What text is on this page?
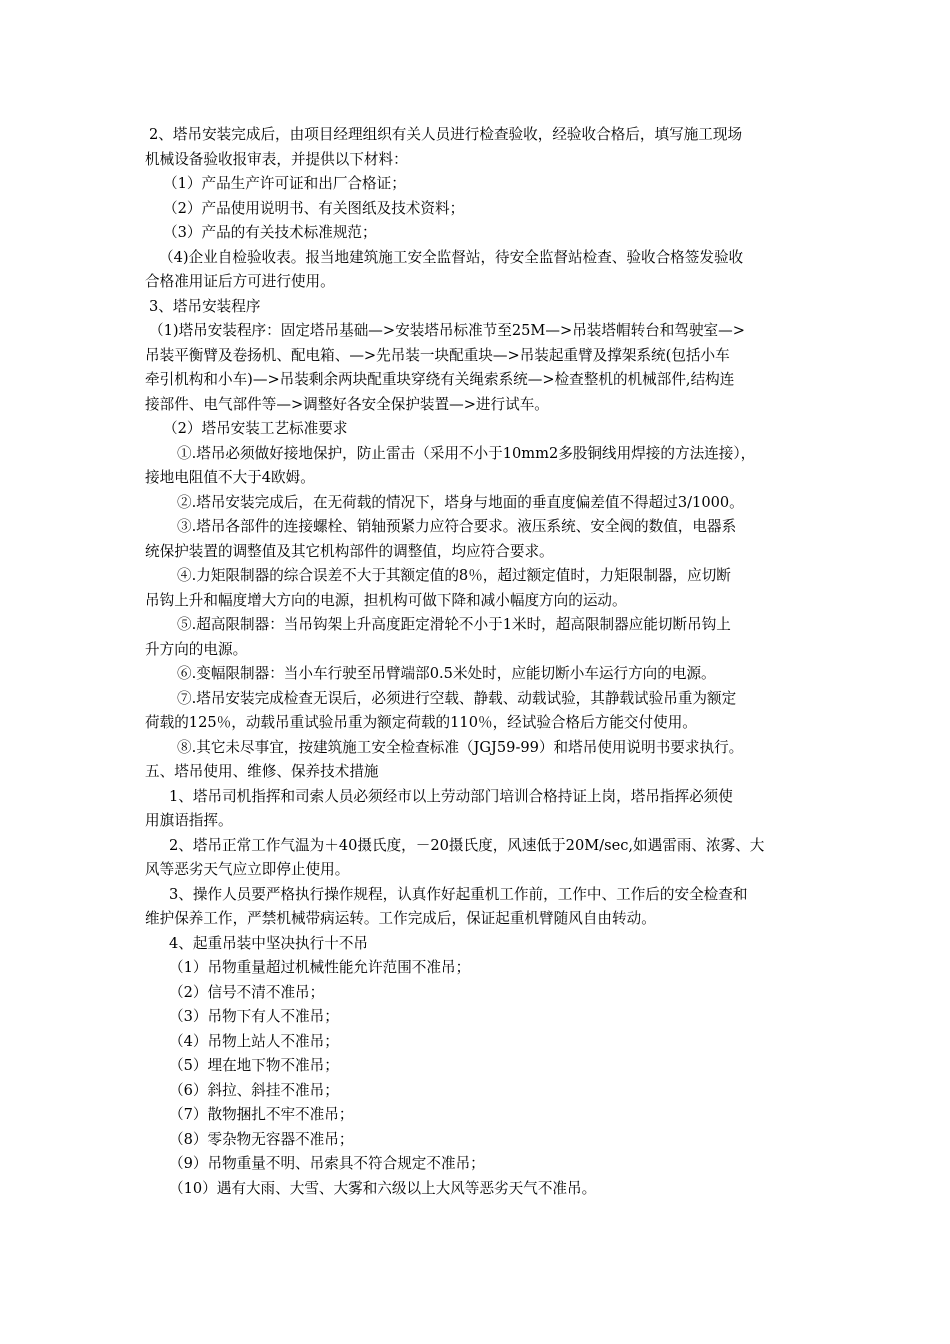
2、塔吊安装完成后，由项目经理组织有关人员进行检查验收，经验收合格后，填写施工现场
机械设备验收报审表，并提供以下材料：
（1）产品生产许可证和出厂合格证；
（2）产品使用说明书、有关图纸及技术资料；
（3）产品的有关技术标准规范；
（4)企业自检验收表。报当地建筑施工安全监督站，待安全监督站检查、验收合格签发验收
合格准用证后方可进行使用。
3、塔吊安装程序
（1)塔吊安装程序：固定塔吊基础—>安装塔吊标准节至25M—>吊装塔帽转台和驾驶室—>
吊装平衡臂及卷扬机、配电箱、—>先吊装一块配重块—>吊装起重臂及撑架系统(包括小车
牵引机构和小车)—>吊装剩余两块配重块穿绕有关绳索系统—>检查整机的机械部件,结构连
接部件、电气部件等—>调整好各安全保护装置—>进行试车。
（2）塔吊安装工艺标准要求
①.塔吊必须做好接地保护，防止雷击（采用不小于10mm2多股铜线用焊接的方法连接），
接地电阻值不大于4欧姆。
②.塔吊安装完成后，在无荷载的情况下，塔身与地面的垂直度偏差值不得超过3/1000。
③.塔吊各部件的连接螺栓、销轴预紧力应符合要求。液压系统、安全阀的数值，电器系
统保护装置的调整值及其它机构部件的调整值，均应符合要求。
④.力矩限制器的综合误差不大于其额定值的8％，超过额定值时，力矩限制器，应切断
吊钩上升和幅度增大方向的电源，担机构可做下降和减小幅度方向的运动。
⑤.超高限制器：当吊钩架上升高度距定滑轮不小于1米时，超高限制器应能切断吊钩上
升方向的电源。
⑥.变幅限制器：当小车行驶至吊臂端部0.5米处时，应能切断小车运行方向的电源。
⑦.塔吊安装完成检查无误后，必须进行空载、静载、动载试验，其静载试验吊重为额定
荷载的125％，动载吊重试验吊重为额定荷载的110％，经试验合格后方能交付使用。
⑧.其它未尽事宜，按建筑施工安全检查标准（JGJ59-99）和塔吊使用说明书要求执行。
五、塔吊使用、维修、保养技术措施
1、塔吊司机指挥和司索人员必须经市以上劳动部门培训合格持证上岗，塔吊指挥必须使
用旗语指挥。
2、塔吊正常工作气温为＋40摄氏度，－20摄氏度，风速低于20M/sec,如遇雷雨、浓雾、大
风等恶劣天气应立即停止使用。
3、操作人员要严格执行操作规程，认真作好起重机工作前，工作中、工作后的安全检查和
维护保养工作，严禁机械带病运转。工作完成后，保证起重机臂随风自由转动。
4、起重吊装中坚决执行十不吊
（1）吊物重量超过机械性能允许范围不准吊；
（2）信号不清不准吊；
（3）吊物下有人不准吊；
（4）吊物上站人不准吊；
（5）埋在地下物不准吊；
（6）斜拉、斜挂不准吊；
（7）散物捆扎不牢不准吊；
（8）零杂物无容器不准吊；
（9）吊物重量不明、吊索具不符合规定不准吊；
（10）遇有大雨、大雪、大雾和六级以上大风等恶劣天气不准吊。
